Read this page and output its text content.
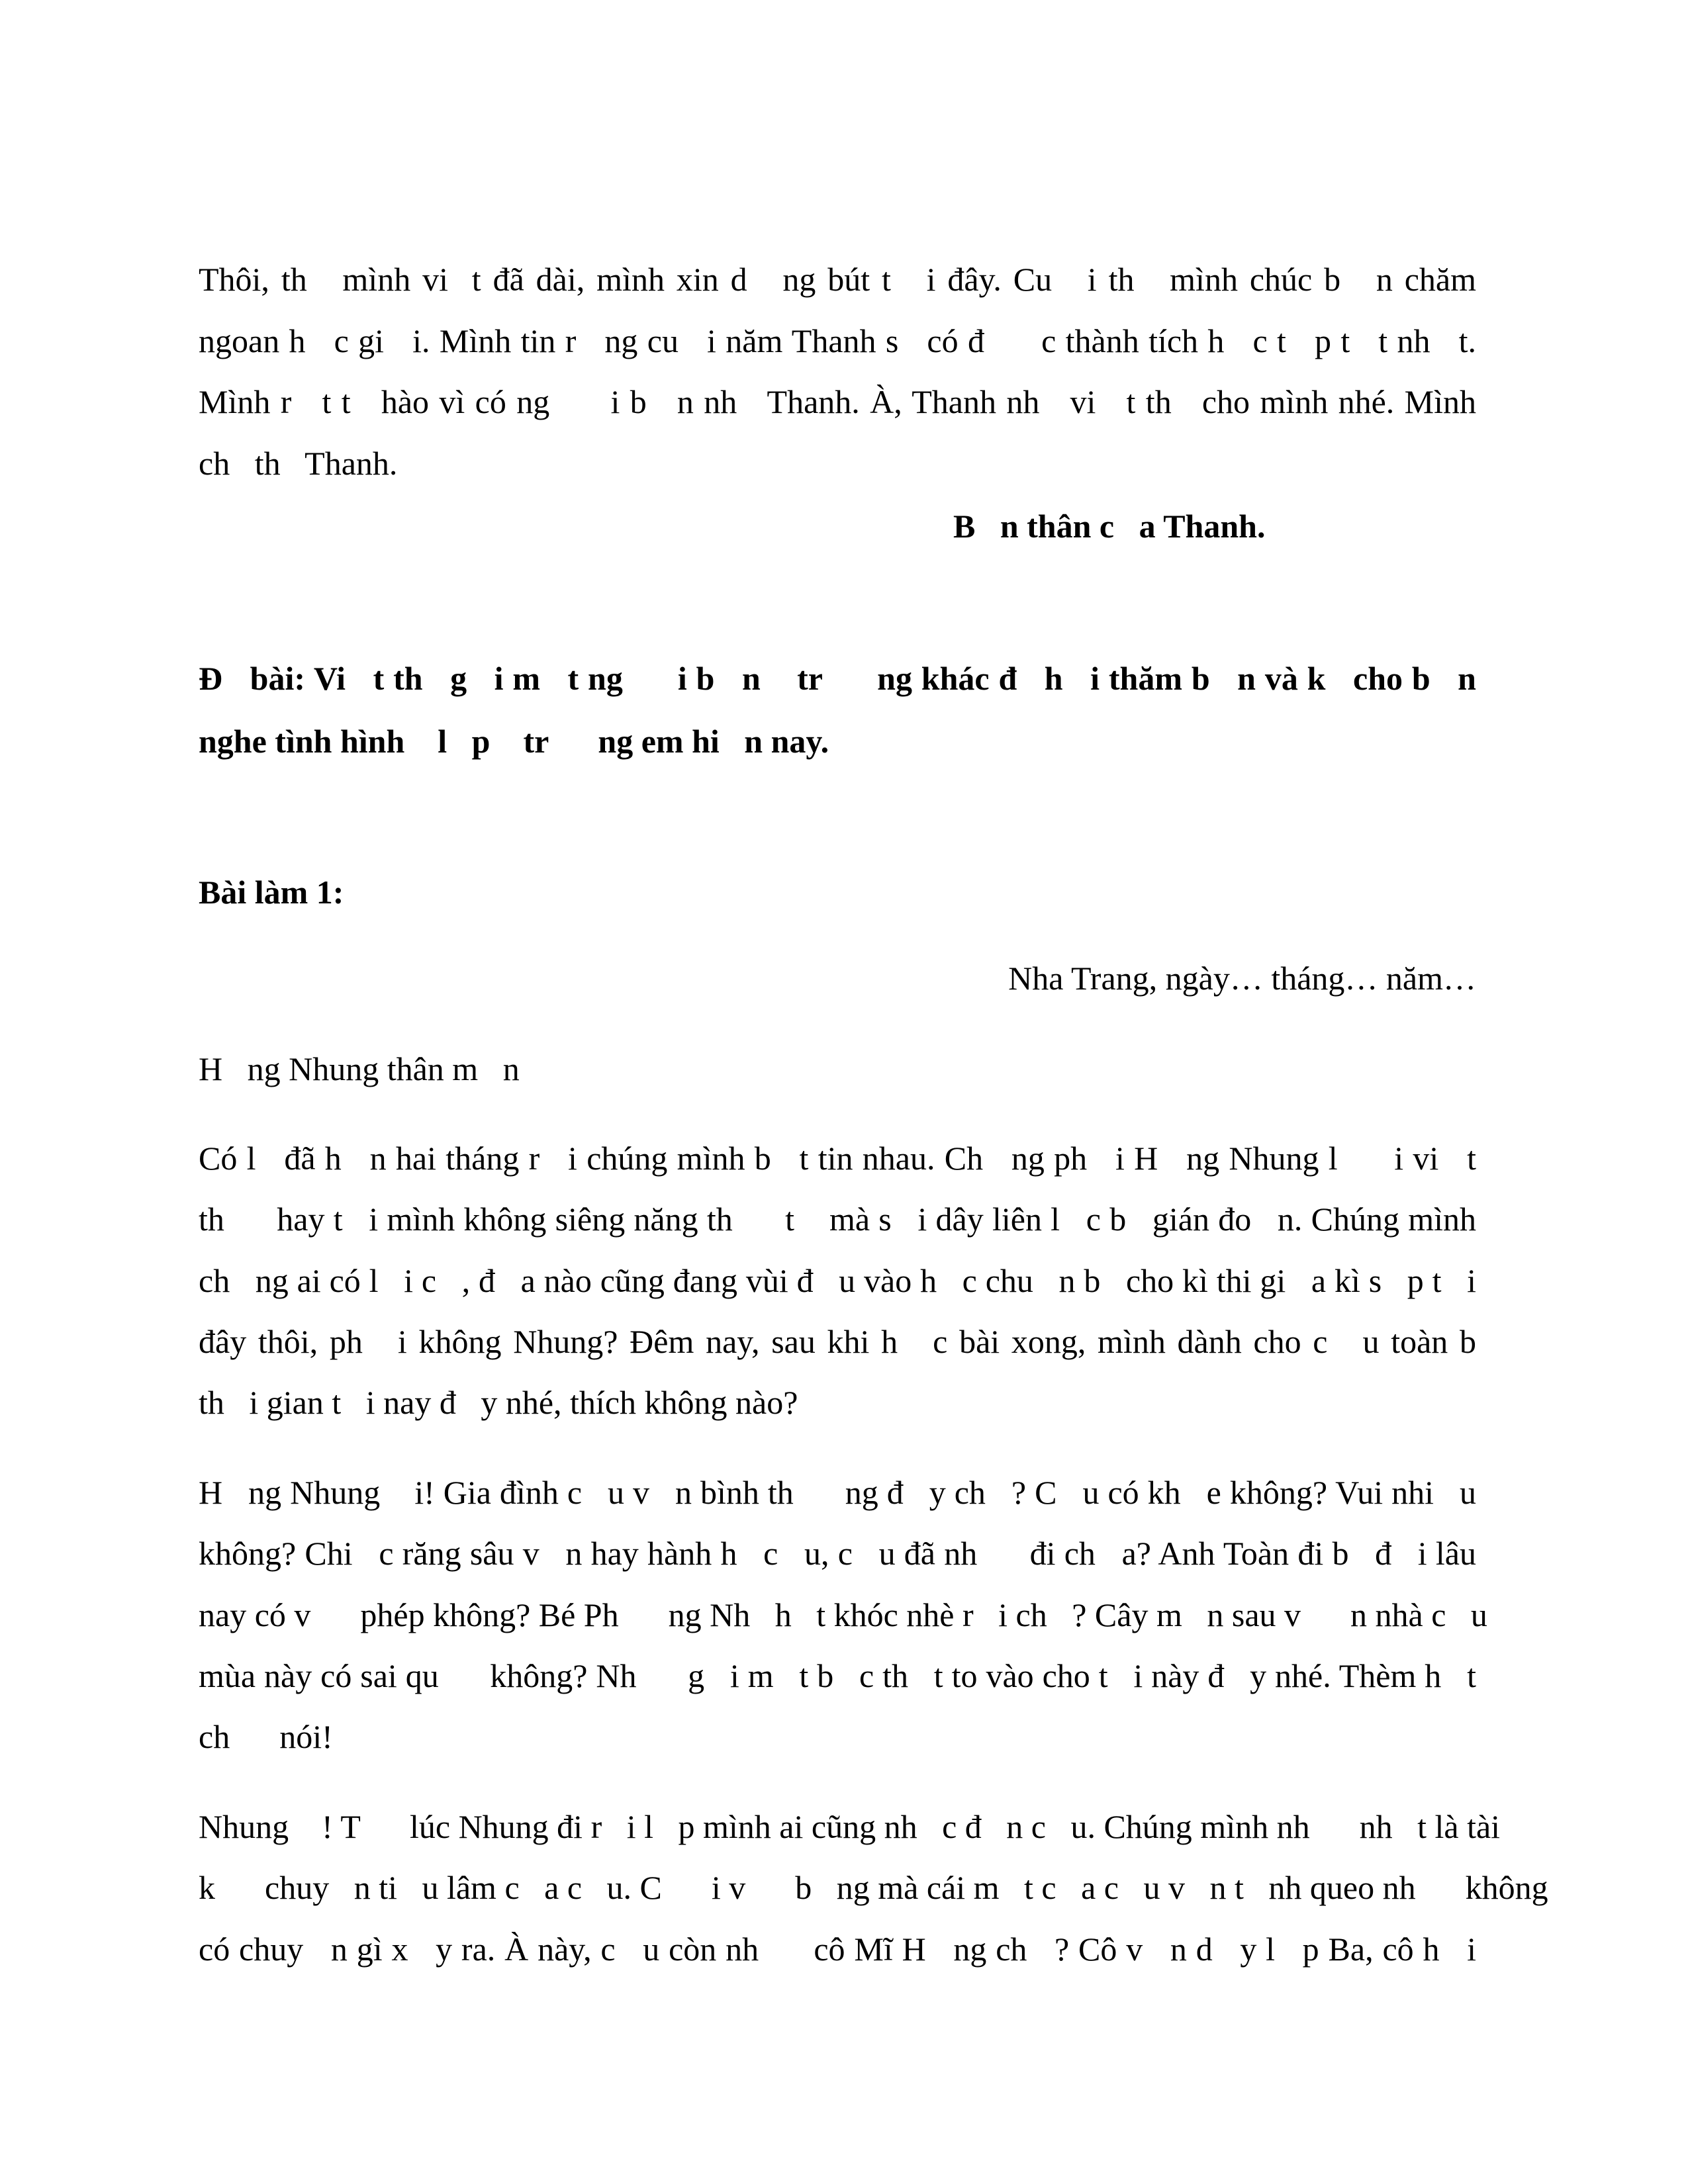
Thôi, th   mình vi  t đã dài, mình xin d   ng bút t   i đây. Cu   i th   mình chúc b   n chăm
ngoan h   c gi   i. Mình tin r   ng cu   i năm Thanh s   có đ      c thành tích h   c t   p t   t nh   t.
Mình r   t t   hào vì có ng      i b   n nh   Thanh. À, Thanh nh   vi   t th   cho mình nhé. Mình
ch   th   Thanh.
B   n thân c   a Thanh.
Đ   bài: Vi   t th   g   i m   t ng      i b   n    tr      ng khác đ   h   i thăm b   n và k   cho b   n
nghe tình hình    l   p    tr      ng em hi   n nay.
Bài làm 1:
Nha Trang, ngày… tháng… năm…
H   ng Nhung thân m   n
Có l   đã h   n hai tháng r   i chúng mình b   t tin nhau. Ch   ng ph   i H   ng Nhung l      i vi   t
th      hay t   i mình không siêng năng th      t    mà s   i dây liên l   c b   gián đo   n. Chúng mình
ch   ng ai có l   i c   , đ   a nào cũng đang vùi đ   u vào h   c chu   n b   cho kì thi gi   a kì s   p t   i
đây thôi, ph   i không Nhung? Đêm nay, sau khi h   c bài xong, mình dành cho c   u toàn b
th   i gian t   i nay đ   y nhé, thích không nào?
H   ng Nhung    i! Gia đình c   u v   n bình th      ng đ   y ch   ? C   u có kh   e không? Vui nhi   u
không? Chi   c răng sâu v   n hay hành h   c   u, c   u đã nh      đi ch   a? Anh Toàn đi b   đ   i lâu
nay có v      phép không? Bé Ph      ng Nh   h   t khóc nhè r   i ch   ? Cây m   n sau v      n nhà c   u
mùa này có sai qu      không? Nh      g   i m   t b   c th   t to vào cho t   i này đ   y nhé. Thèm h   t
ch      nói!
Nhung    ! T      lúc Nhung đi r   i l   p mình ai cũng nh   c đ   n c   u. Chúng mình nh      nh   t là tài
k      chuy   n ti   u lâm c   a c   u. C      i v      b   ng mà cái m   t c   a c   u v   n t   nh queo nh      không
có chuy   n gì x   y ra. À này, c   u còn nh      cô Mĩ H   ng ch   ? Cô v   n d   y l   p Ba, cô h   i
